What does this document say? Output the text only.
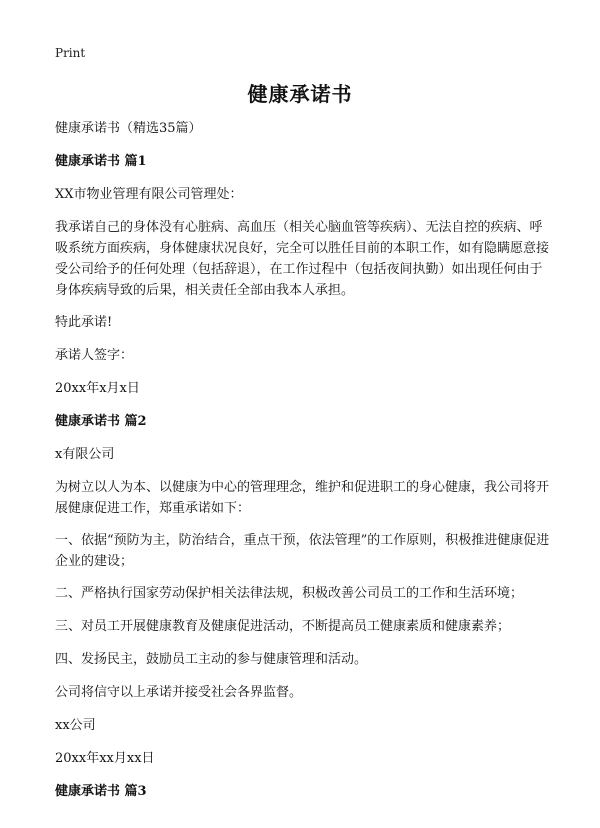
Print
健康承诺书

健康承诺书（精选35篇）

健康承诺书 篇1

XX市物业管理有限公司管理处：

我承诺自己的身体没有心脏病、高血压（相关心脑血管等疾病）、无法自控的疾病、呼吸系统方面疾病，身体健康状况良好，完全可以胜任目前的本职工作，如有隐瞒愿意接受公司给予的任何处理（包括辞退），在工作过程中（包括夜间执勤）如出现任何由于身体疾病导致的后果，相关责任全部由我本人承担。

特此承诺!

承诺人签字：

20xx年x月x日

健康承诺书 篇2

x有限公司

为树立以人为本、以健康为中心的管理理念，维护和促进职工的身心健康，我公司将开展健康促进工作，郑重承诺如下：

一、依据“预防为主，防治结合，重点干预，依法管理”的工作原则，积极推进健康促进企业的建设；

二、严格执行国家劳动保护相关法律法规，积极改善公司员工的工作和生活环境；

三、对员工开展健康教育及健康促进活动，不断提高员工健康素质和健康素养；

四、发扬民主，鼓励员工主动的参与健康管理和活动。

公司将信守以上承诺并接受社会各界监督。

xx公司

20xx年xx月xx日

健康承诺书 篇3
